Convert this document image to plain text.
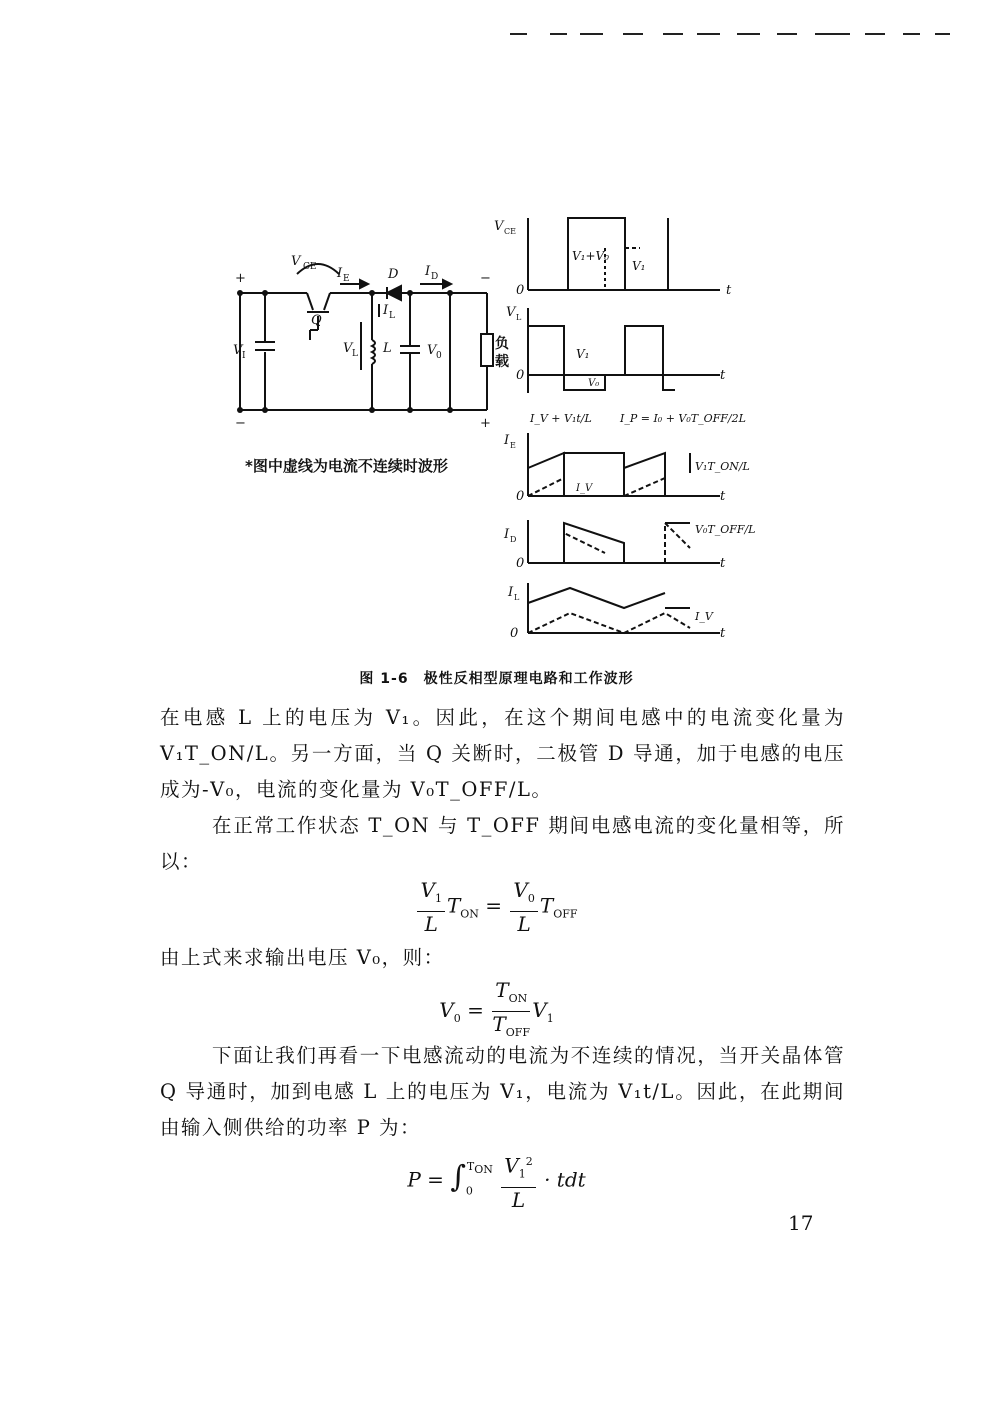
+
−
−
+
V CE I E	D I D
Q
I L
V L L
V I	V 0
负
载
V CE
V₁+V₀
V₁
0	t
V L
V₁
V₀
0	t
I_V + V₁t/L	I_P = I₀ + V₀T_OFF/2L
I E
V₁T_ON/L
I_V
0	t
I D
V₀T_OFF/L
0	t
I L
I_V
0	t
*图中虚线为电流不连续时波形
图 1-6　极性反相型原理电路和工作波形

在电感 L 上的电压为 V₁。因此，在这个期间电感中的电流变化量为 V₁T_ON/L。另一方面，当 Q 关断时，二极管 D 导通，加于电感的电压成为-V₀，电流的变化量为 V₀T_OFF/L。

在正常工作状态 T_ON 与 T_OFF 期间电感电流的变化量相等，所以：

$\frac{V_1}{L} T_{ON} = \frac{V_0}{L} T_{OFF}$

由上式来求输出电压 V₀，则：

$V_0 = \frac{T_{ON}}{T_{OFF}} V_1$

下面让我们再看一下电感流动的电流为不连续的情况，当开关晶体管 Q 导通时，加到电感 L 上的电压为 V₁，电流为 V₁t/L。因此，在此期间由输入侧供给的功率 P 为：

$P = \int_0^{T_{ON}} \frac{V_1^2}{L}$ · tdt
17
